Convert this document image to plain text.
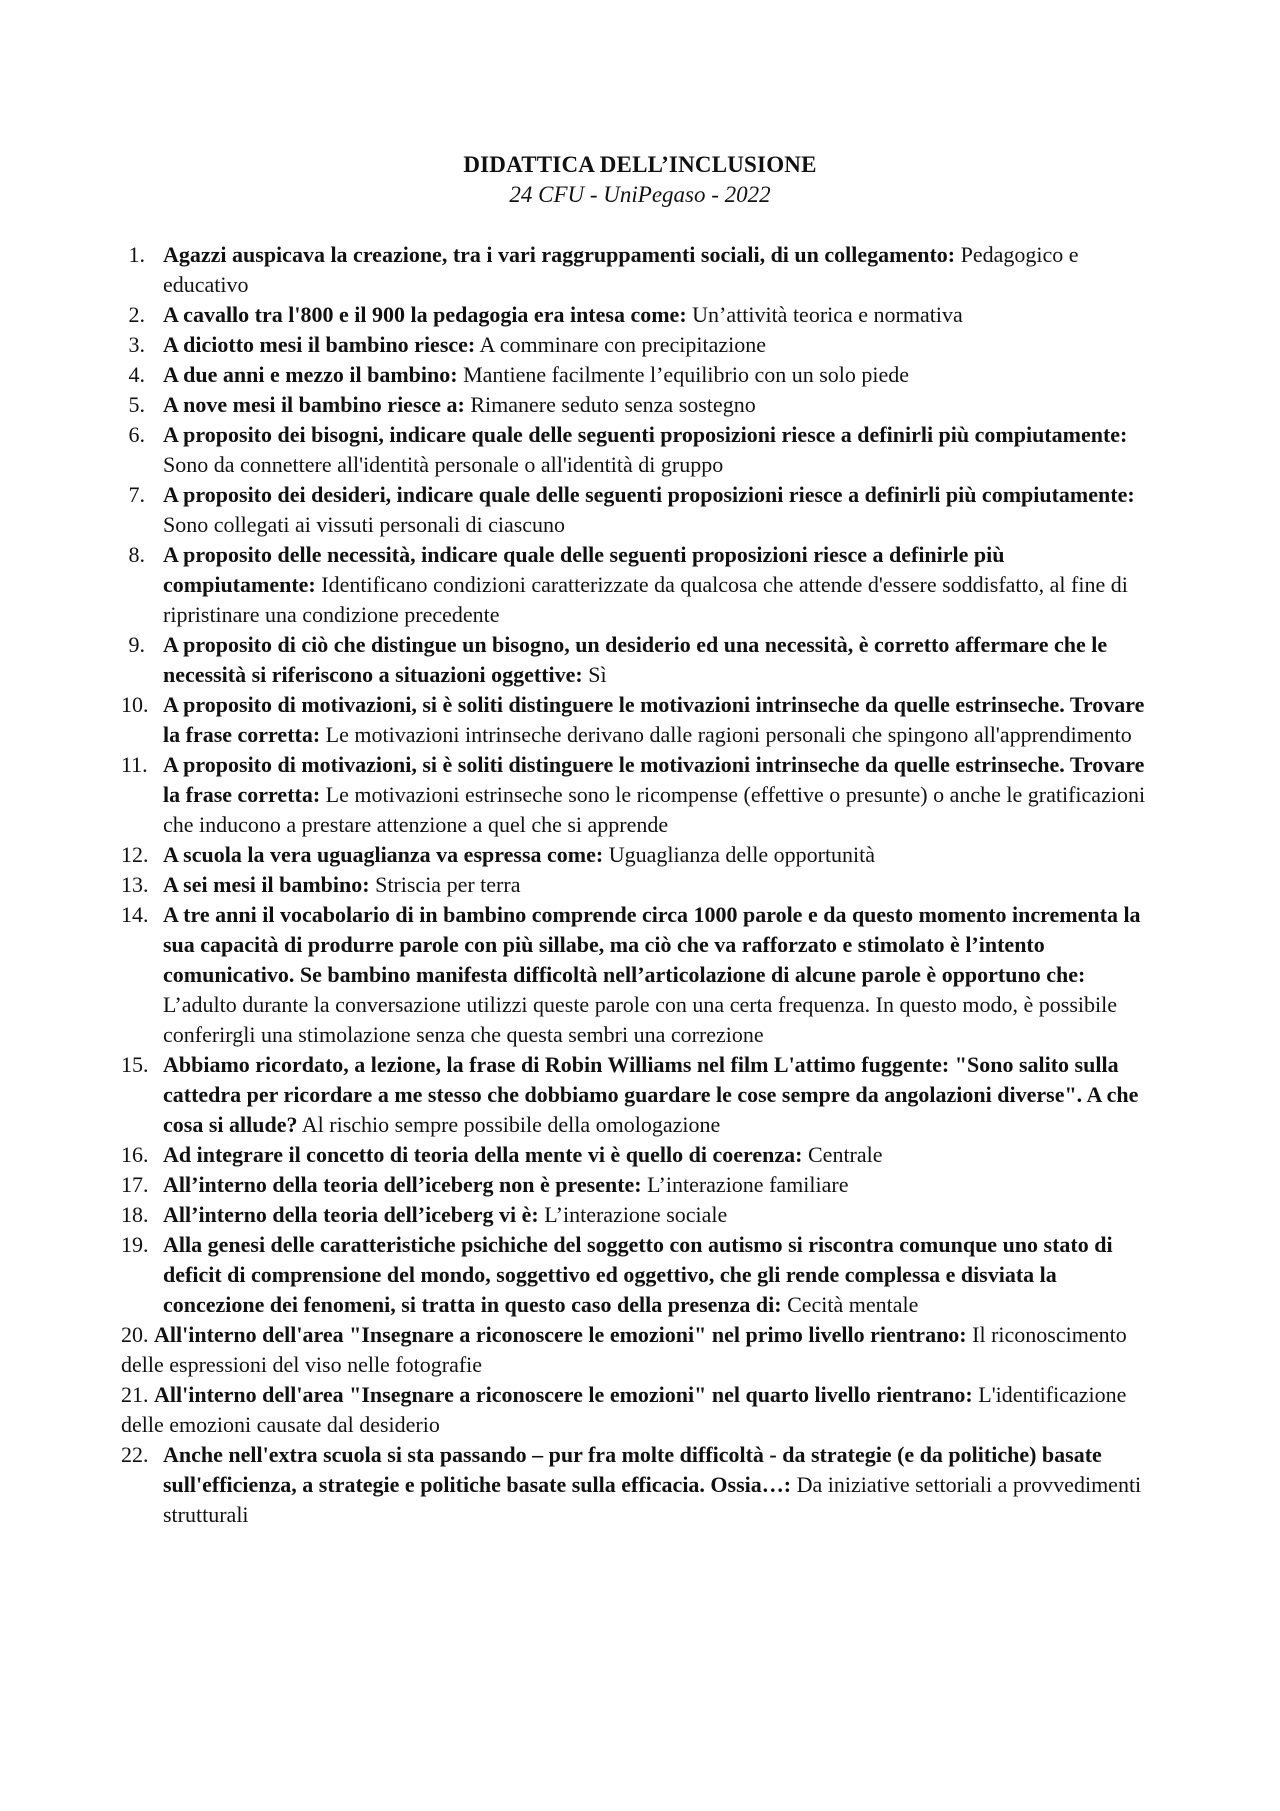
DIDATTICA DELL’INCLUSIONE
24 CFU - UniPegaso - 2022
1. Agazzi auspicava la creazione, tra i vari raggruppamenti sociali, di un collegamento: Pedagogico e educativo
2. A cavallo tra l'800 e il 900 la pedagogia era intesa come: Un’attività teorica e normativa
3. A diciotto mesi il bambino riesce: A comminare con precipitazione
4. A due anni e mezzo il bambino: Mantiene facilmente l’equilibrio con un solo piede
5. A nove mesi il bambino riesce a: Rimanere seduto senza sostegno
6. A proposito dei bisogni, indicare quale delle seguenti proposizioni riesce a definirli più compiutamente: Sono da connettere all'identità personale o all'identità di gruppo
7. A proposito dei desideri, indicare quale delle seguenti proposizioni riesce a definirli più compiutamente: Sono collegati ai vissuti personali di ciascuno
8. A proposito delle necessità, indicare quale delle seguenti proposizioni riesce a definirle più compiutamente: Identificano condizioni caratterizzate da qualcosa che attende d'essere soddisfatto, al fine di ripristinare una condizione precedente
9. A proposito di ciò che distingue un bisogno, un desiderio ed una necessità, è corretto affermare che le necessità si riferiscono a situazioni oggettive: Sì
10. A proposito di motivazioni, si è soliti distinguere le motivazioni intrinseche da quelle estrinseche. Trovare la frase corretta: Le motivazioni intrinseche derivano dalle ragioni personali che spingono all'apprendimento
11. A proposito di motivazioni, si è soliti distinguere le motivazioni intrinseche da quelle estrinseche. Trovare la frase corretta: Le motivazioni estrinseche sono le ricompense (effettive o presunte) o anche le gratificazioni che inducono a prestare attenzione a quel che si apprende
12. A scuola la vera uguaglianza va espressa come: Uguaglianza delle opportunità
13. A sei mesi il bambino: Striscia per terra
14. A tre anni il vocabolario di in bambino comprende circa 1000 parole e da questo momento incrementa la sua capacità di produrre parole con più sillabe, ma ciò che va rafforzato e stimolato è l’intento comunicativo. Se bambino manifesta difficoltà nell’articolazione di alcune parole è opportuno che: L’adulto durante la conversazione utilizzi queste parole con una certa frequenza. In questo modo, è possibile conferirgli una stimolazione senza che questa sembri una correzione
15. Abbiamo ricordato, a lezione, la frase di Robin Williams nel film L'attimo fuggente: "Sono salito sulla cattedra per ricordare a me stesso che dobbiamo guardare le cose sempre da angolazioni diverse". A che cosa si allude? Al rischio sempre possibile della omologazione
16. Ad integrare il concetto di teoria della mente vi è quello di coerenza: Centrale
17. All’interno della teoria dell’iceberg non è presente: L’interazione familiare
18. All’interno della teoria dell’iceberg vi è: L’interazione sociale
19. Alla genesi delle caratteristiche psichiche del soggetto con autismo si riscontra comunque uno stato di deficit di comprensione del mondo, soggettivo ed oggettivo, che gli rende complessa e disviata la concezione dei fenomeni, si tratta in questo caso della presenza di: Cecità mentale
20. All'interno dell'area "Insegnare a riconoscere le emozioni" nel primo livello rientrano: Il riconoscimento delle espressioni del viso nelle fotografie
21. All'interno dell'area "Insegnare a riconoscere le emozioni" nel quarto livello rientrano: L'identificazione delle emozioni causate dal desiderio
22. Anche nell'extra scuola si sta passando – pur fra molte difficoltà - da strategie (e da politiche) basate sull'efficienza, a strategie e politiche basate sulla efficacia. Ossia…: Da iniziative settoriali a provvedimenti strutturali
